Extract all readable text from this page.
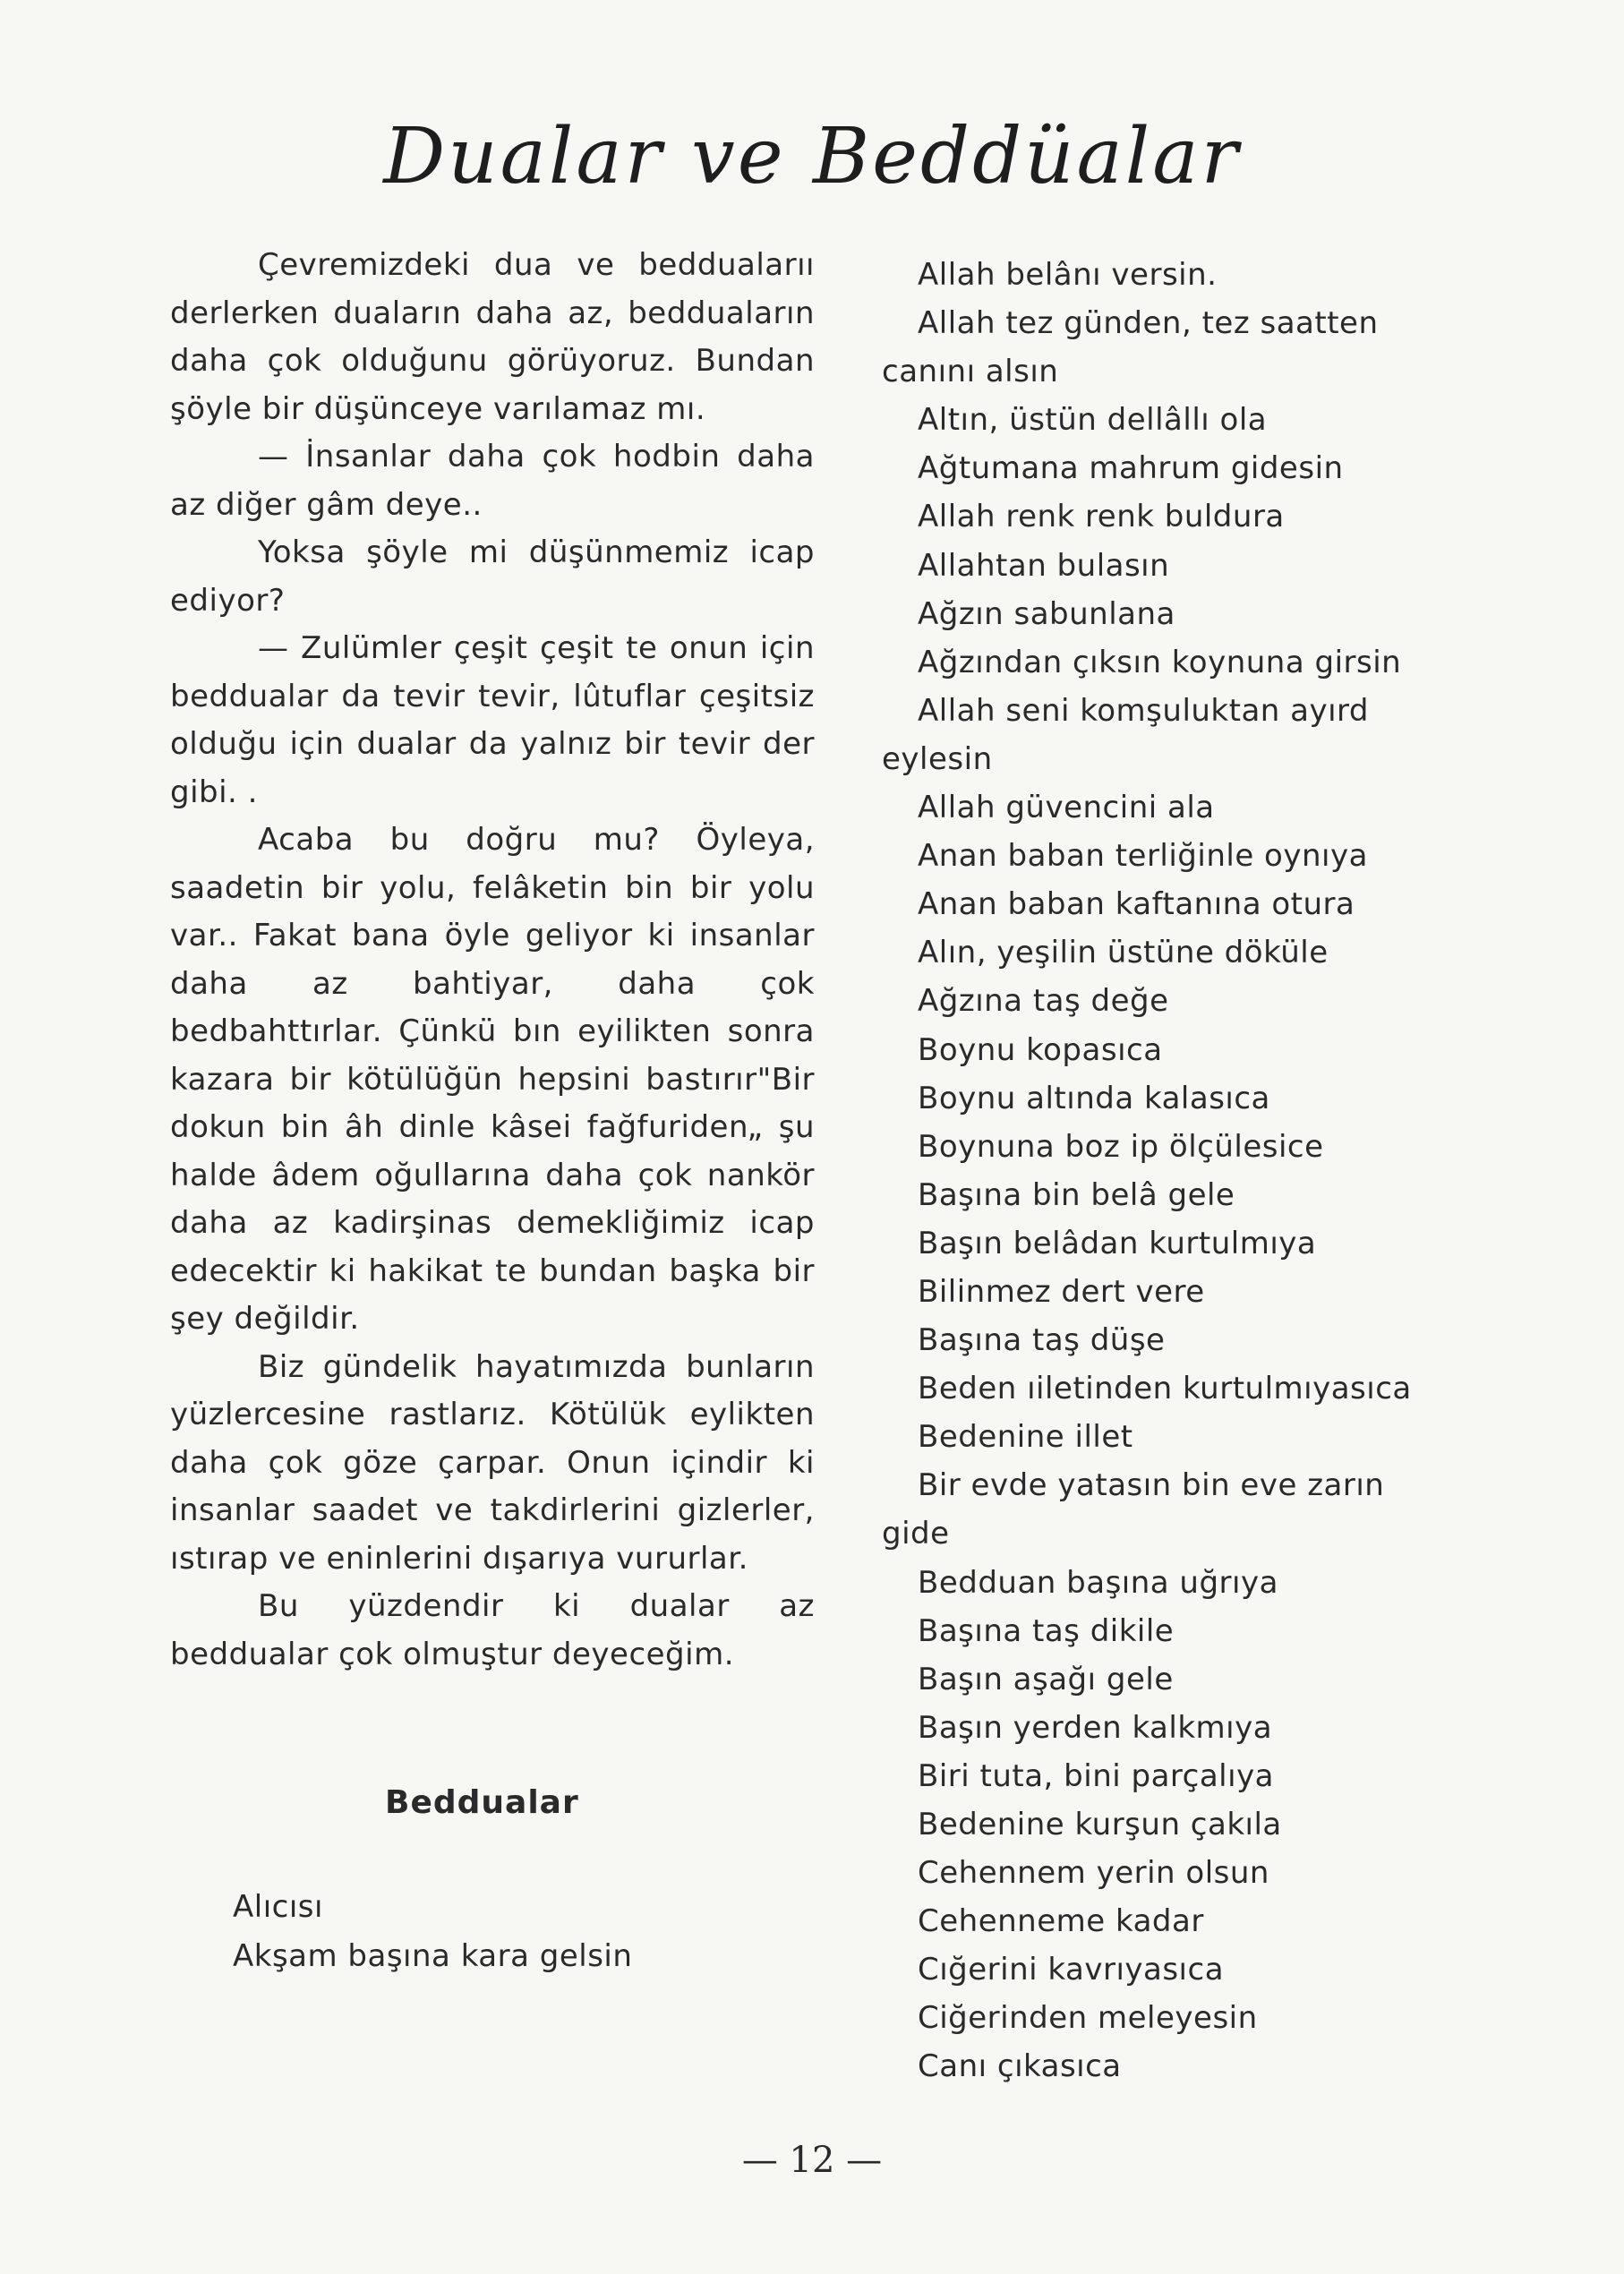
Dualar ve Beddüalar

Çevremizdeki dua ve beddualarıı derlerken duaların daha az, bedduaların daha çok olduğunu görüyoruz. Bundan şöyle bir düşünceye varılamaz mı.

— İnsanlar daha çok hodbin daha az diğer gâm deye..

Yoksa şöyle mi düşünmemiz icap ediyor?

— Zulümler çeşit çeşit te onun için beddualar da tevir tevir, lûtuflar çeşitsiz olduğu için dualar da yalnız bir tevir der gibi. .

Acaba bu doğru mu? Öyleya, saadetin bir yolu, felâketin bin bir yolu var.. Fakat bana öyle geliyor ki insanlar daha az bahtiyar, daha çok bedbahttırlar. Çünkü bın eyilikten sonra kazara bir kötülüğün hepsini bastırır"Bir dokun bin âh dinle kâsei fağfuriden„ şu halde âdem oğullarına daha çok nankör daha az kadirşinas demekliğimiz icap edecektir ki hakikat te bundan başka bir şey değildir.

Biz gündelik hayatımızda bunların yüzlercesine rastlarız. Kötülük eylikten daha çok göze çarpar. Onun içindir ki insanlar saadet ve takdirlerini gizlerler, ıstırap ve eninlerini dışarıya vururlar.

Bu yüzdendir ki dualar az beddualar çok olmuştur deyeceğim.

Beddualar
Alıcısı
Akşam başına kara gelsin
Allah belânı versin.
Allah tez günden, tez saatten
canını alsın
Altın, üstün dellâllı ola
Ağtumana mahrum gidesin
Allah renk renk buldura
Allahtan bulasın
Ağzın sabunlana
Ağzından çıksın koynuna girsin
Allah seni komşuluktan ayırd
eylesin
Allah güvencini ala
Anan baban terliğinle oynıya
Anan baban kaftanına otura
Alın, yeşilin üstüne döküle
Ağzına taş değe
Boynu kopasıca
Boynu altında kalasıca
Boynuna boz ip ölçülesice
Başına bin belâ gele
Başın belâdan kurtulmıya
Bilinmez dert vere
Başına taş düşe
Beden ıiletinden kurtulmıyasıca
Bedenine illet
Bir evde yatasın bin eve zarın
gide
Bedduan başına uğrıya
Başına taş dikile
Başın aşağı gele
Başın yerden kalkmıya
Biri tuta, bini parçalıya
Bedenine kurşun çakıla
Cehennem yerin olsun
Cehenneme kadar
Cığerini kavrıyasıca
Ciğerinden meleyesin
Canı çıkasıca
— 12 —
